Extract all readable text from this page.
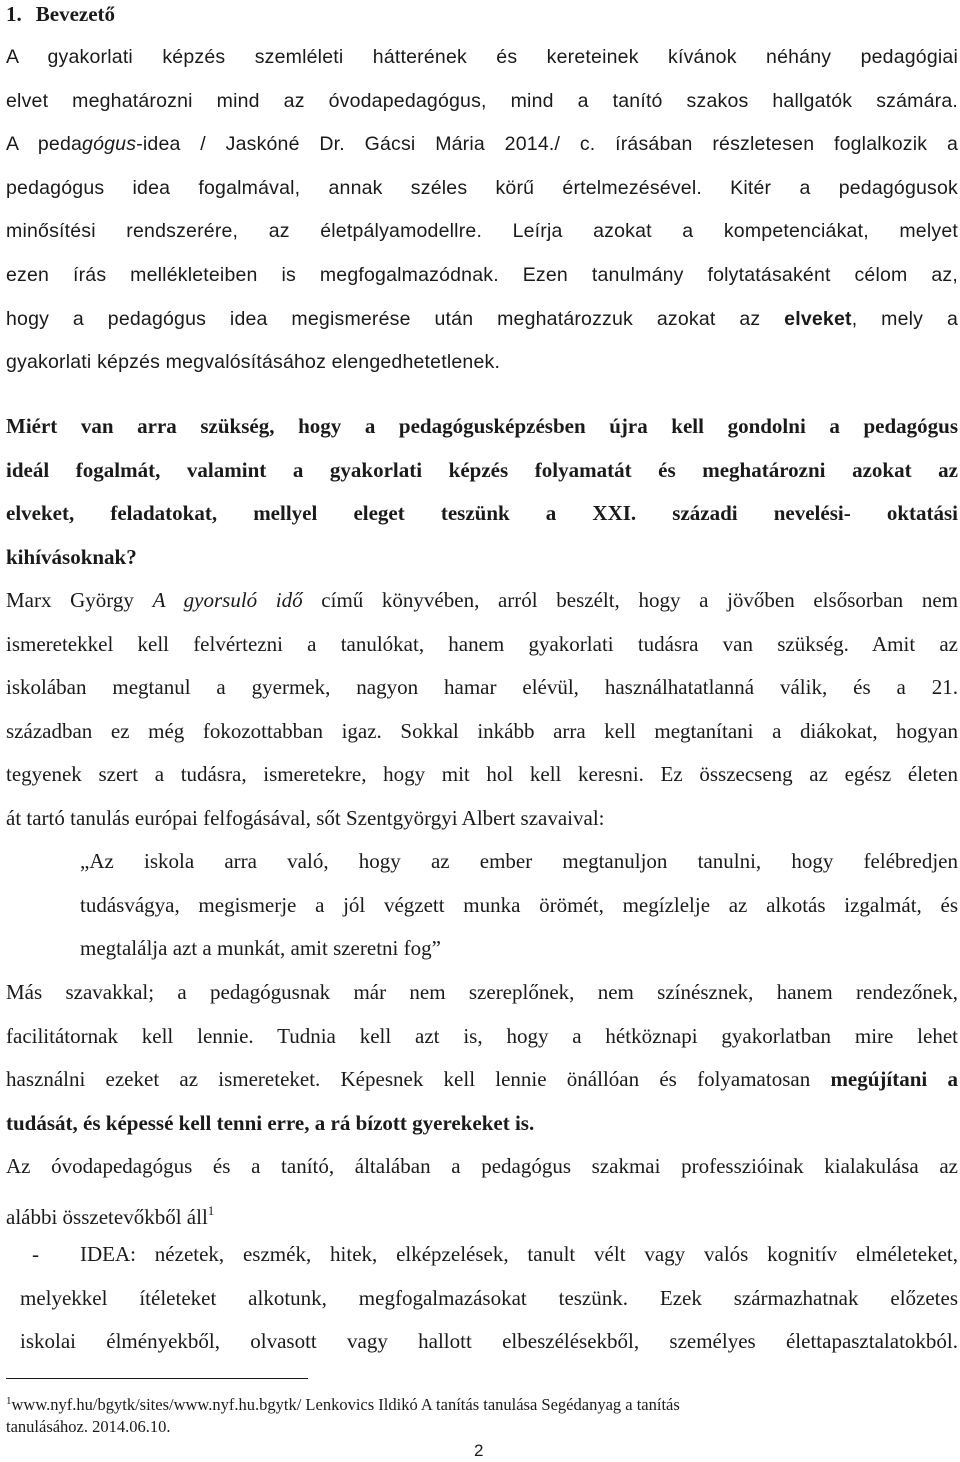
1. Bevezető
A gyakorlati képzés szemléleti hátterének és kereteinek kívánok néhány pedagógiai
elvet meghatározni mind az óvodapedagógus, mind a tanító szakos hallgatók számára.
A pedagógus-idea / Jaskóné Dr. Gácsi Mária 2014./ c. írásában részletesen foglalkozik a
pedagógus idea fogalmával, annak széles körű értelmezésével. Kitér a pedagógusok
minősítési rendszerére, az életpályamodellre. Leírja azokat a kompetenciákat, melyet
ezen írás mellékleteiben is megfogalmazódnak. Ezen tanulmány folytatásaként célom az,
hogy a pedagógus idea megismerése után meghatározzuk azokat az elveket, mely a
gyakorlati képzés megvalósításához elengedhetetlenek.
Miért van arra szükség, hogy a pedagógusképzésben újra kell gondolni a pedagógus
ideál fogalmát, valamint a gyakorlati képzés folyamatát és meghatározni azokat az
elveket, feladatokat, mellyel eleget teszünk a XXI. századi nevelési- oktatási
kihívásoknak?
Marx György A gyorsuló idő című könyvében, arról beszélt, hogy a jövőben elsősorban nem
ismeretekkel kell felvértezni a tanulókat, hanem gyakorlati tudásra van szükség. Amit az
iskolában megtanul a gyermek, nagyon hamar elévül, használhatatlanná válik, és a 21.
században ez még fokozottabban igaz. Sokkal inkább arra kell megtanítani a diákokat, hogyan
tegyenek szert a tudásra, ismeretekre, hogy mit hol kell keresni. Ez összecseng az egész életen
át tartó tanulás európai felfogásával, sőt Szentgyörgyi Albert szavaival:
„Az iskola arra való, hogy az ember megtanuljon tanulni, hogy felébredjen
tudásvágya, megismerje a jól végzett munka örömét, megízlelje az alkotás izgalmát, és
megtalálja azt a munkát, amit szeretni fog”
Más szavakkal; a pedagógusnak már nem szereplőnek, nem színésznek, hanem rendezőnek,
facilitátornak kell lennie. Tudnia kell azt is, hogy a hétköznapi gyakorlatban mire lehet
használni ezeket az ismereteket. Képesnek kell lennie önállóan és folyamatosan megújítani a
tudását, és képessé kell tenni erre, a rá bízott gyerekeket is.
Az óvodapedagógus és a tanító, általában a pedagógus szakmai professzióinak kialakulása az
alábbi összetevőkből áll$^1$
-	IDEA: nézetek, eszmék, hitek, elképzelések, tanult vélt vagy valós kognitív elméleteket,
melyekkel ítéleteket alkotunk, megfogalmazásokat teszünk. Ezek származhatnak előzetes
iskolai élményekből, olvasott vagy hallott elbeszélésekből, személyes élettapasztalatokból.

$^1$www.nyf.hu/bgytk/sites/www.nyf.hu.bgytk/ Lenkovics Ildikó A tanítás tanulása Segédanyag a tanítás
tanulásához. 2014.06.10.

2
